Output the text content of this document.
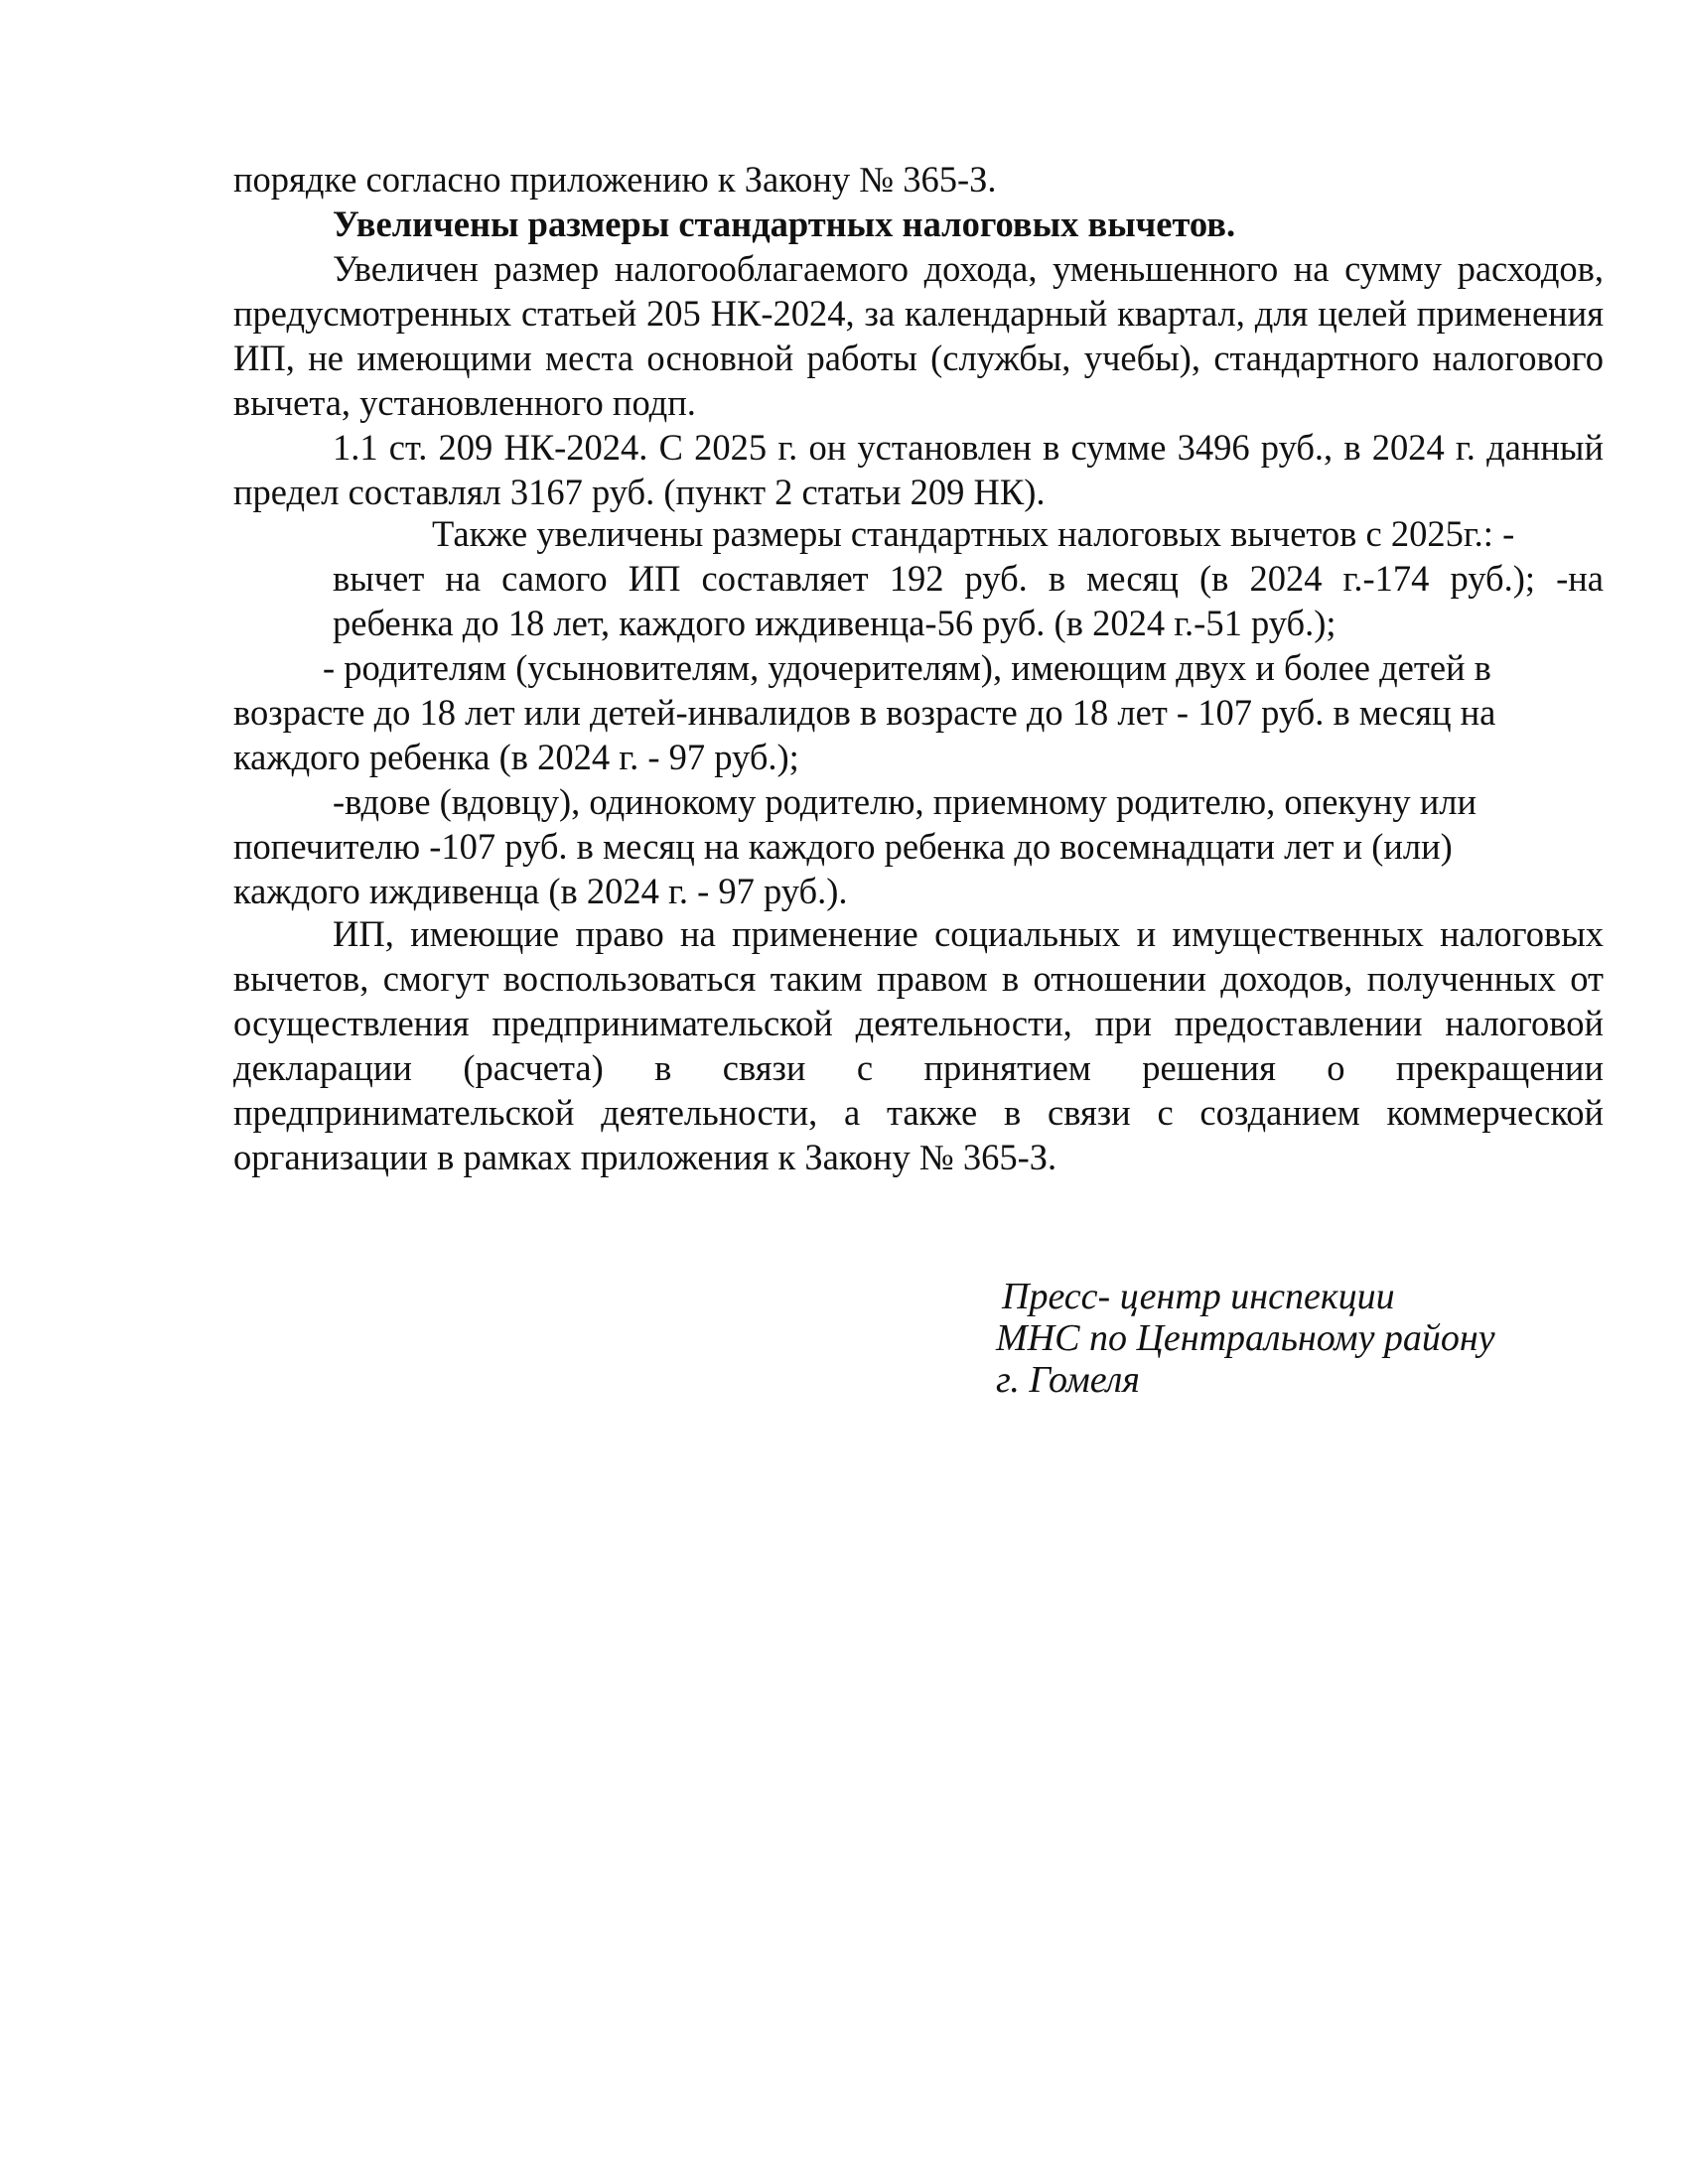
порядке согласно приложению к Закону № 365-З.

Увеличены размеры стандартных налоговых вычетов.

Увеличен размер налогооблагаемого дохода, уменьшенного на сумму расходов, предусмотренных статьей 205 НК-2024, за календарный квартал, для целей применения ИП, не имеющими места основной работы (службы, учебы), стандартного налогового вычета, установленного подп.

1.1 ст. 209 НК-2024. С 2025 г. он установлен в сумме 3496 руб., в 2024 г. данный предел составлял 3167 руб. (пункт 2 статьи 209 НК).

Также увеличены размеры стандартных налоговых вычетов с 2025г.: -

вычет на самого ИП составляет 192 руб. в месяц (в 2024 г.-174 руб.); -на

ребенка до 18 лет, каждого иждивенца-56 руб. (в 2024 г.-51 руб.);

- родителям (усыновителям, удочерителям), имеющим двух и более детей в возрасте до 18 лет или детей-инвалидов в возрасте до 18 лет - 107 руб. в месяц на каждого ребенка (в 2024 г. - 97 руб.);

-вдове (вдовцу), одинокому родителю, приемному родителю, опекуну или попечителю -107 руб. в месяц на каждого ребенка до восемнадцати лет и (или) каждого иждивенца (в 2024 г. - 97 руб.).

ИП, имеющие право на применение социальных и имущественных налоговых вычетов, смогут воспользоваться таким правом в отношении доходов, полученных от осуществления предпринимательской деятельности, при предоставлении налоговой декларации (расчета) в связи с принятием решения о прекращении предпринимательской деятельности, а также в связи с созданием коммерческой организации в рамках приложения к Закону № 365-З.

Пресс- центр инспекции
МНС по Центральному району
г. Гомеля
